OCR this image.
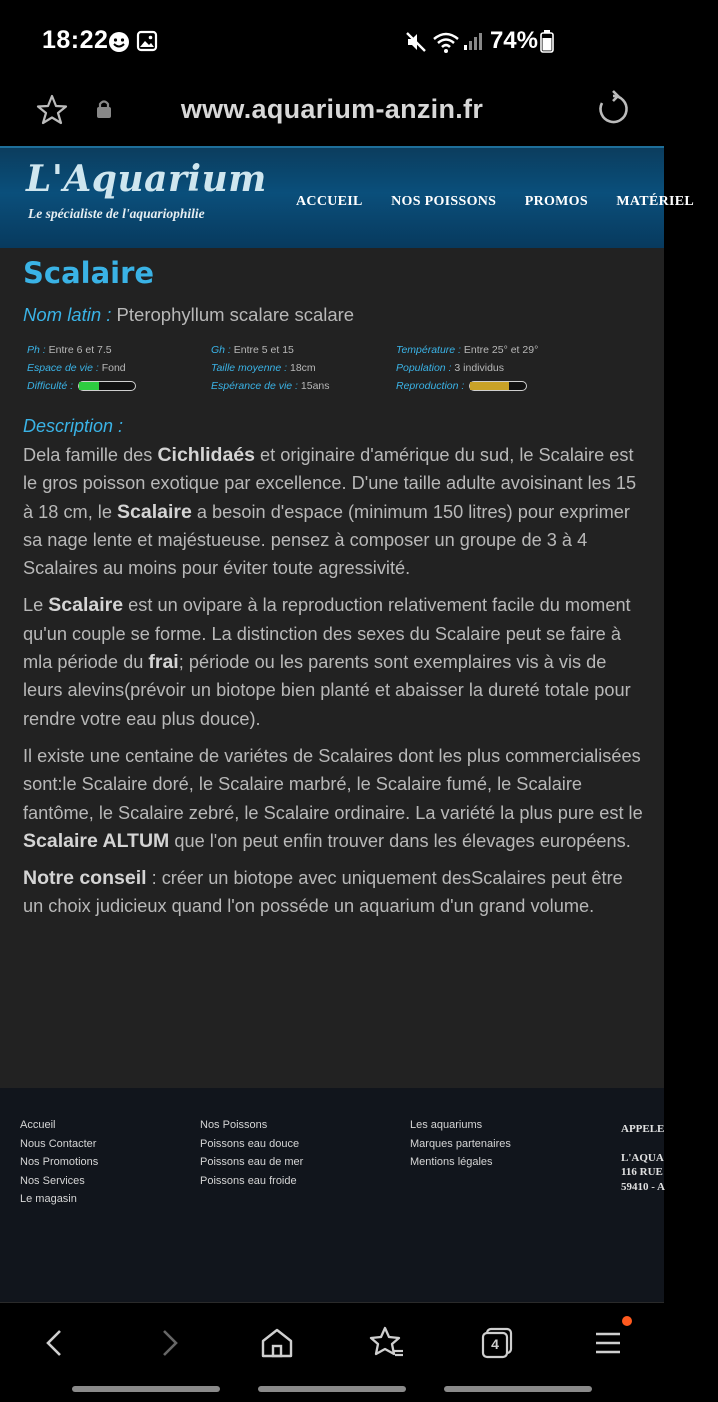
18:22	74%
www.aquarium-anzin.fr
L'Aquarium
Le spécialiste de l'aquariophilie
ACCUEIL NOS POISSONS PROMOS MATÉRIEL
Scalaire
Nom latin : Pterophyllum scalare scalare
Ph : Entre 6 et 7.5	Gh : Entre 5 et 15	Température : Entre 25° et 29°
Espace de vie : Fond	Taille moyenne : 18cm	Population : 3 individus
Difficulté :	Espérance de vie : 15ans	Reproduction :
Description :

Dela famille des Cichlidaés et originaire d'amérique du sud, le Scalaire est le gros poisson exotique par excellence. D'une taille adulte avoisinant les 15 à 18 cm, le Scalaire a besoin d'espace (minimum 150 litres) pour exprimer sa nage lente et majéstueuse. pensez à composer un groupe de 3 à 4 Scalaires au moins pour éviter toute agressivité.

Le Scalaire est un ovipare à la reproduction relativement facile du moment qu'un couple se forme. La distinction des sexes du Scalaire peut se faire à mla période du frai; période ou les parents sont exemplaires vis à vis de leurs alevins(prévoir un biotope bien planté et abaisser la dureté totale pour rendre votre eau plus douce).

Il existe une centaine de variétes de Scalaires dont les plus commercialisées sont:le Scalaire doré, le Scalaire marbré, le Scalaire fumé, le Scalaire fantôme, le Scalaire zebré, le Scalaire ordinaire. La variété la plus pure est le Scalaire ALTUM que l'on peut enfin trouver dans les élevages européens.

Notre conseil : créer un biotope avec uniquement desScalaires peut être un choix judicieux quand l'on posséde un aquarium d'un grand volume.

Accueil
Nous Contacter
Nos Promotions
Nos Services
Le magasin
Nos Poissons
Poissons eau douce
Poissons eau de mer
Poissons eau froide
Les aquariums
Marques partenaires
Mentions légales
APPELE
L'AQUA
116 RUE
59410 - A
4
